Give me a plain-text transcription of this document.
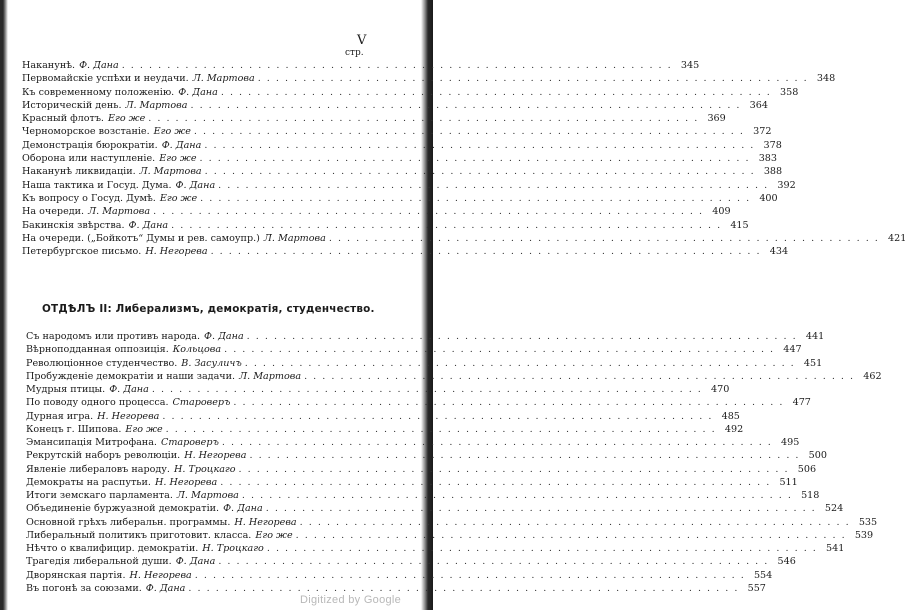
V
стр.
Наканунѣ. Ф. Дана . . .	345
Первомайскіе успѣхи и неудачи. Л. Мартова . . .	348
Къ современному положенію. Ф. Дана . . .	358
Историческій день. Л. Мартова . . .	364
Красный флотъ. Его же . . .	369
Черноморское возстаніе. Его же . . .	372
Демонстрація бюрократіи. Ф. Дана . . .	378
Оборона или наступленіе. Его же . . .	383
Наканунѣ ликвидаціи. Л. Мартова . . .	388
Наша тактика и Госуд. Дума. Ф. Дана . . .	392
Къ вопросу о Госуд. Думѣ. Его же . . .	400
На очереди. Л. Мартова . . .	409
Бакинскія звѣрства. Ф. Дана . . .	415
На очереди. („Бойкотъ“ Думы и рев. самоупр.) Л. Мартова . . .	421
Петербургское письмо. Н. Негорева . . .	434
ОТДѢЛЪ II: Либерализмъ, демократія, студенчество.
Съ народомъ или противъ народа. Ф. Дана . . .	441
Вѣрноподданная оппозиція. Кольцова . . .	447
Революціонное студенчество. В. Засуличъ . . .	451
Пробужденіе демократіи и наши задачи. Л. Мартова . . .	462
Мудрыя птицы. Ф. Дана . . .	470
По поводу одного процесса. Староверъ . . .	477
Дурная игра. Н. Негорева . . .	485
Конецъ г. Шипова. Его же . . .	492
Эмансипація Митрофана. Староверъ . . .	495
Рекрутскій наборъ революціи. Н. Негорева . . .	500
Явленіе либераловъ народу. Н. Троцкаго . . .	506
Демократы на распутьи. Н. Негорева . . .	511
Итоги земскаго парламента. Л. Мартова . . .	518
Объединеніе буржуазной демократіи. Ф. Дана . . .	524
Основной грѣхъ либеральн. программы. Н. Негорева . . .	535
Либеральный политикъ приготовит. класса. Его же . . .	539
Нѣчто о квалифицир. демократіи. Н. Троцкаго . . .	541
Трагедія либеральной души. Ф. Дана . . .	546
Дворянская партія. Н. Негорева . . .	554
Въ погонѣ за союзами. Ф. Дана . . .	557
Digitized by Google
